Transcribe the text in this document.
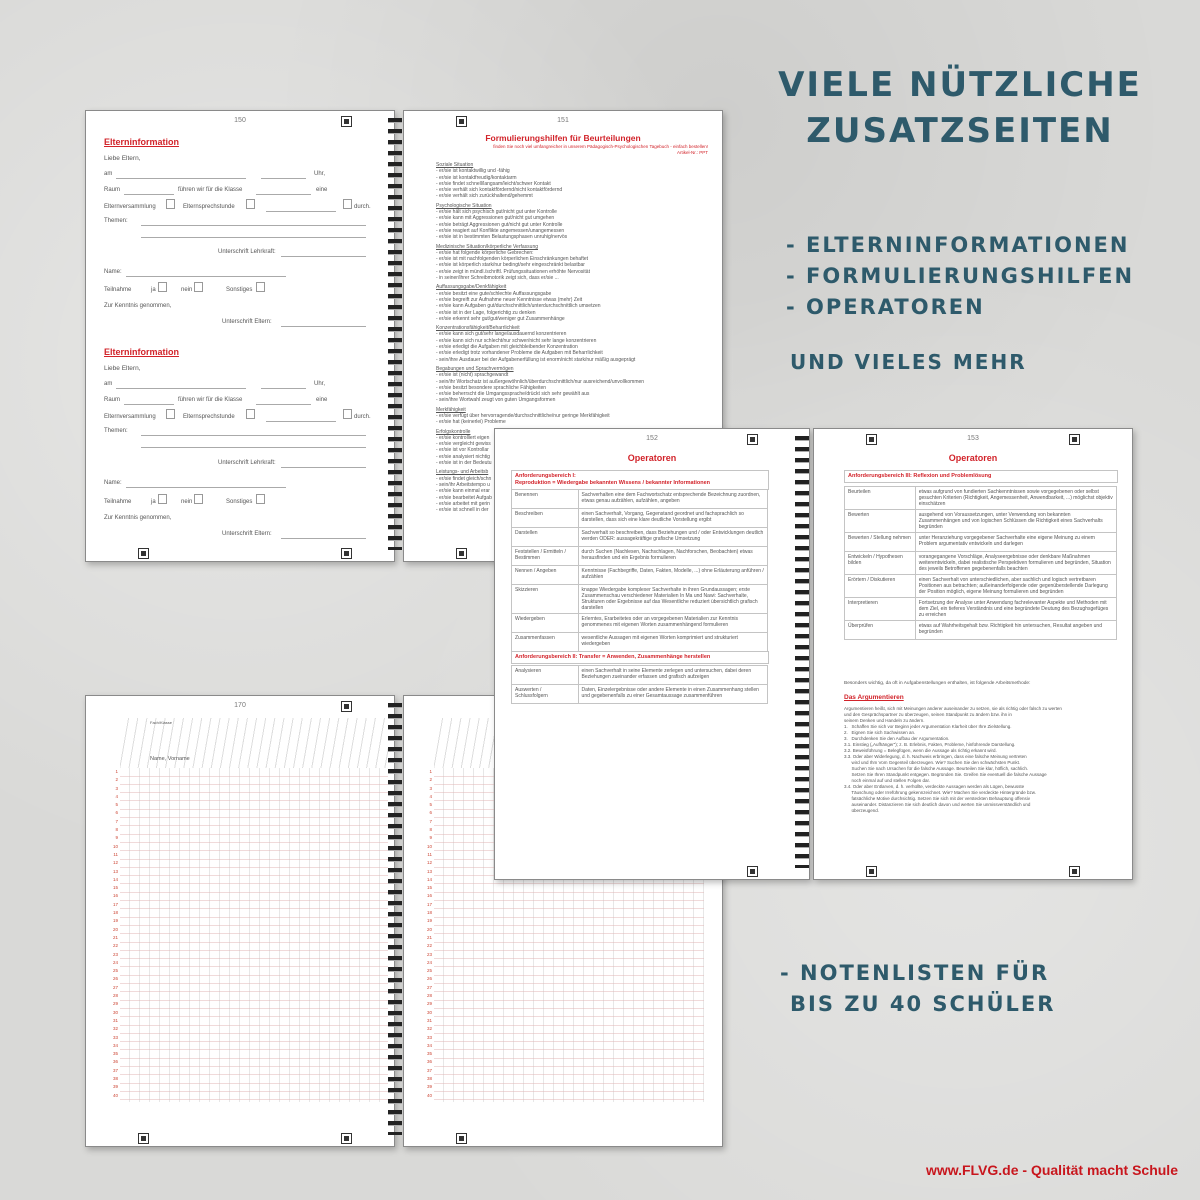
VIELE NÜTZLICHE
ZUSATZSEITEN
- ELTERNINFORMATIONEN
- FORMULIERUNGSHILFEN
- OPERATOREN
UND VIELES MEHR
- NOTENLISTEN FÜR
BIS ZU 40 SCHÜLER
www.FLVG.de - Qualität macht Schule
150
Elterninformation
Liebe Eltern,
am	Uhr,
Raum	führen wir für die Klasse	eine
Elternversammlung	Elternsprechstunde	durch.
Themen:
Unterschrift Lehrkraft:
Name:
Teilnahme	ja	nein	Sonstiges
Zur Kenntnis genommen,
Unterschrift Eltern:
Elterninformation
Liebe Eltern,
am	Uhr,
Raum	führen wir für die Klasse	eine
Elternversammlung	Elternsprechstunde	durch.
Themen:
Unterschrift Lehrkraft:
Name:
Teilnahme	ja	nein	Sonstiges
Zur Kenntnis genommen,
Unterschrift Eltern:
151
Formulierungshilfen für Beurteilungen
finden Sie noch viel umfangreicher in unserem Pädagogisch-Psychologischen Tagebuch - einfach bestellen!
Artikel-Nr.: PPT
Soziale Situation
- er/sie ist kontaktwillig und -fähig
- er/sie ist kontaktfreudig/kontaktarm
- er/sie findet schnell/langsam/leicht/schwer Kontakt
- er/sie verhält sich kontaktfördernd/nicht kontaktfördernd
- er/sie verhält sich zurückhaltend/gehemmt
Psychologische Situation
- er/sie hält sich psychisch gut/nicht gut unter Kontrolle
- er/sie kann mit Aggressionen gut/nicht gut umgehen
- er/sie beträgt Aggressionen gut/nicht gut unter Kontrolle
- er/sie reagiert auf Konflikte angemessen/unangemessen
- er/sie ist in bestimmten Belastungsphasen unruhig/nervös
Medizinische Situation/körperliche Verfassung
- er/sie hat folgende körperliche Gebrechen:
- er/sie ist mit nachfolgenden körperlichen Einschränkungen behaftet
- er/sie ist körperlich stark/nur bedingt/sehr eingeschränkt belastbar
- er/sie zeigt in mündl./schriftl. Prüfungssituationen erhöhte Nervosität
- in seiner/ihrer Schreibmotorik zeigt sich, dass er/sie ...
Auffassungsgabe/Denkfähigkeit
- er/sie besitzt eine gute/schlechte Auffassungsgabe
- er/sie begreift zur Aufnahme neuer Kenntnisse etwas (mehr) Zeit
- er/sie kann Aufgaben gut/durchschnittlich/unterdurchschnittlich umsetzen
- er/sie ist in der Lage, folgerichtig zu denken
- er/sie erkennt sehr gut/gut/weniger gut Zusammenhänge
Konzentrationsfähigkeit/Beharrlichkeit
- er/sie kann sich gut/sehr lange/ausdauernd konzentrieren
- er/sie kann sich nur schlecht/nur schwer/nicht sehr lange konzentrieren
- er/sie erledigt die Aufgaben mit gleichbleibender Konzentration
- er/sie erledigt trotz vorhandener Probleme die Aufgaben mit Beharrlichkeit
- sein/ihre Ausdauer bei der Aufgabenerfüllung ist enorm/nicht stark/nur mäßig ausgeprägt
Begabungen und Sprachvermögen
- er/sie ist (nicht) sprachgewandt
- sein/ihr Wortschatz ist außergewöhnlich/überdurchschnittlich/nur ausreichend/unvollkommen
- er/sie besitzt besondere sprachliche Fähigkeiten
- er/sie beherrscht die Umgangssprache/drückt sich sehr gewählt aus
- sein/ihre Wortwahl zeugt von guten Umgangsformen
Merkfähigkeit
- er/sie verfügt über hervorragende/durchschnittliche/nur geringe Merkfähigkeit
- er/sie hat (keinerlei) Probleme
Erfolgskontrolle
- er/sie kontrolliert eigen
- er/sie vergleicht gewiss
- er/sie ist vor Kontrollar
- er/sie analysiert nichtig
- er/sie ist in der Bedeutu
Leistungs- und Arbeitsb
- er/sie findet gleich/schn
- sein/ihr Arbeitstempo u
- er/sie kann einmal erar
- er/sie bearbeitet Aufgab
- er/sie arbeitet mit gerin
- er/sie ist schnell in der
152
Operatoren
Anforderungsbereich I:
Reproduktion = Wiedergabe bekannten Wissens / bekannter Informationen
Benennen	Sachverhalten eine dem Fachwortschatz entsprechende Bezeichnung zuordnen, etwas genau aufzählen, aufzählen, angeben
Beschreiben	einen Sachverhalt, Vorgang, Gegenstand geordnet und fachsprachlich so darstellen, dass sich eine klare deutliche Vorstellung ergibt
Darstellen	Sachverhalt so beschreiben, dass Beziehungen und / oder Entwicklungen deutlich werden ODER: aussagekräftige grafische Umsetzung
Feststellen / Ermitteln / Bestimmen	durch Suchen (Nachlesen, Nachschlagen, Nachforschen, Beobachten) etwas herausfinden und ein Ergebnis formulieren
Nennen / Angeben	Kenntnisse (Fachbegriffe, Daten, Fakten, Modelle, ...) ohne Erläuterung anführen / aufzählen
Skizzieren	knappe Wiedergabe komplexer Sachverhalte in ihren Grundaussagen; erste Zusammenschau verschiedener Materialien In Ma und Nawi: Sachverhalte, Strukturen oder Ergebnisse auf das Wesentliche reduziert übersichtlich grafisch darstellen
Wiedergeben	Erlerntes, Erarbeitetes oder an vorgegebenen Materialien zur Kenntnis genommenes mit eigenen Worten zusammenhängend formulieren
Zusammenfassen	wesentliche Aussagen mit eigenen Worten komprimiert und strukturiert wiedergeben
Anforderungsbereich II: Transfer = Anwenden, Zusammenhänge herstellen
Analysieren	einen Sachverhalt in seine Elemente zerlegen und untersuchen, dabei deren Beziehungen zueinander erfassen und grafisch aufzeigen
Auswerten / Schlussfolgern	Daten, Einzelergebnisse oder andere Elemente in einen Zusammenhang stellen und gegebenenfalls zu einer Gesamtaussage zusammenführen
153
Operatoren
Anforderungsbereich III: Reflexion und Problemlösung
Beurteilen	etwas aufgrund von fundierten Sachkenntnissen sowie vorgegebenen oder selbst gesuchten Kriterien (Richtigkeit, Angemessenheit, Anwendbarkeit, ...) möglichst objektiv einschätzen
Bewerten	ausgehend von Voraussetzungen, unter Verwendung von bekannten Zusammenhängen und von logischen Schlüssen die Richtigkeit eines Sachverhalts begründen
Bewerten / Stellung nehmen	unter Heranziehung vorgegebener Sachverhalte eine eigene Meinung zu einem Problem argumentativ entwickeln und darlegen
Entwickeln / Hypothesen bilden	vorangegangene Vorschläge, Analyseergebnisse oder denkbare Maßnahmen weiterentwickeln, dabei realistische Perspektiven formulieren und begründen, Situation des jeweils Betroffenen gegebenenfalls beachten
Erörtern / Diskutieren	einen Sachverhalt von unterschiedlichen, aber sachlich und logisch vertretbaren Positionen aus betrachten; außeinanderfolgende oder gegenüberstellende Darlegung der Position möglich, eigene Meinung formulieren und begründen
Interpretieren	Fortsetzung der Analyse unter Anwendung fachrelevanter Aspekte und Methoden mit dem Ziel, ein tieferes Verständnis und eine begründete Deutung des Bezughsgefüges zu erreichen
Überprüfen	etwas auf Wahrheitsgehalt bzw. Richtigkeit hin untersuchen, Resultat angeben und begründen
Besonders wichtig, da oft in Aufgabenstellungen enthalten, ist folgende Arbeitsmethode:
Das Argumentieren
Argumentieren heißt, sich mit Meinungen anderer auseinander zu setzen, sie als richtig oder falsch zu werten
und den Gesprächspartner zu überzeugen, seinen Standpunkt zu ändern bzw. ihn in
seinem Denken und Handeln zu ändern.
1.   Schaffen Sie sich vor Beginn jeder Argumentation Klarheit über Ihre Zielstellung.
2.   Eignen Sie sich Sachwissen an.
3.   Durchdenken Sie den Aufbau der Argumentation.
3.1. Einstieg („Aufhänger“); z. B. Erlebnis, Fakten, Probleme, hinführende Darstellung.
3.2. Beweisführung = Belegfügen, wenn die Aussage als richtig erkannt wird.
3.3. Oder aber Widerlegung, d. h. Nachweis erbringen, dass eine falsche Meinung vertreten
wird und Ihm Vom Gegenteil überzeugen. Wie? Suchen Sie den schwächsten Punkt.
Suchen Sie nach Ursachen für die falsche Aussage. Beurteilen Sie klar, höflich, sachlich.
Setzen Sie Ihren Standpunkt entgegen. Begründen Sie. Greifen Sie eventuell die falsche Aussage
noch einmal auf und stellen Folgen dar.
3.4. Oder aber Entlarven, d. h. verhüllte, verdeckte Aussagen werden als Lügen, bewusste
Täuschung oder Irreführung gekennzeichnet. Wie? Machen Sie verdeckte Hintergründe bzw.
fatsächliche Motive durchsichtig. Setzen Sie sich mit der versteckten Behauptung offensiv
auseinander. Distanzieren Sie sich deutlich davon und werten Sie unmissverständlich und
überzeugend.
170
Fach/Klasse
Name, Vorname
1
2
3
4
5
6
7
8
9
10
11
12
13
14
15
16
17
18
19
20
21
22
23
24
25
26
27
28
29
30
31
32
33
34
35
36
37
38
39
40
1
2
3
4
5
6
7
8
9
10
11
12
13
14
15
16
17
18
19
20
21
22
23
24
25
26
27
28
29
30
31
32
33
34
35
36
37
38
39
40
